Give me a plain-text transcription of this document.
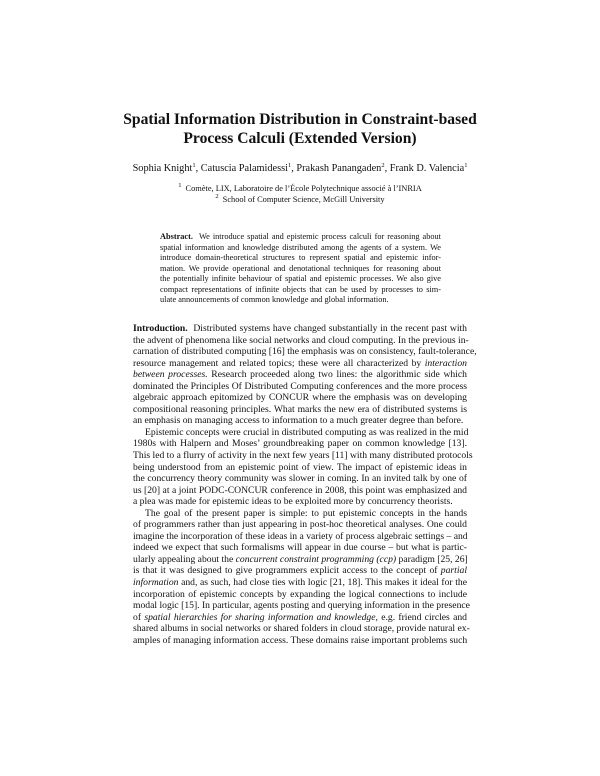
Spatial Information Distribution in Constraint-based
Process Calculi (Extended Version)
Sophia Knight$^1$, Catuscia Palamidessi$^1$, Prakash Panangaden$^2$, Frank D. Valencia$^1$
$^1$ Comète, LIX, Laboratoire de l’École Polytechnique associé à l’INRIA
$^2$ School of Computer Science, McGill University
Abstract. We introduce spatial and epistemic process calculi for reasoning about
spatial information and knowledge distributed among the agents of a system. We
introduce domain-theoretical structures to represent spatial and epistemic infor-
mation. We provide operational and denotational techniques for reasoning about
the potentially infinite behaviour of spatial and epistemic processes. We also give
compact representations of infinite objects that can be used by processes to sim-
ulate announcements of common knowledge and global information.
Introduction. Distributed systems have changed substantially in the recent past with
the advent of phenomena like social networks and cloud computing. In the previous in-
carnation of distributed computing [16] the emphasis was on consistency, fault-tolerance,
resource management and related topics; these were all characterized by interaction
between processes. Research proceeded along two lines: the algorithmic side which
dominated the Principles Of Distributed Computing conferences and the more process
algebraic approach epitomized by CONCUR where the emphasis was on developing
compositional reasoning principles. What marks the new era of distributed systems is
an emphasis on managing access to information to a much greater degree than before.
Epistemic concepts were crucial in distributed computing as was realized in the mid
1980s with Halpern and Moses’ groundbreaking paper on common knowledge [13].
This led to a flurry of activity in the next few years [11] with many distributed protocols
being understood from an epistemic point of view. The impact of epistemic ideas in
the concurrency theory community was slower in coming. In an invited talk by one of
us [20] at a joint PODC-CONCUR conference in 2008, this point was emphasized and
a plea was made for epistemic ideas to be exploited more by concurrency theorists.
The goal of the present paper is simple: to put epistemic concepts in the hands
of programmers rather than just appearing in post-hoc theoretical analyses. One could
imagine the incorporation of these ideas in a variety of process algebraic settings – and
indeed we expect that such formalisms will appear in due course – but what is partic-
ularly appealing about the concurrent constraint programming (ccp) paradigm [25, 26]
is that it was designed to give programmers explicit access to the concept of partial
information and, as such, had close ties with logic [21, 18]. This makes it ideal for the
incorporation of epistemic concepts by expanding the logical connections to include
modal logic [15]. In particular, agents posting and querying information in the presence
of spatial hierarchies for sharing information and knowledge, e.g. friend circles and
shared albums in social networks or shared folders in cloud storage, provide natural ex-
amples of managing information access. These domains raise important problems such
